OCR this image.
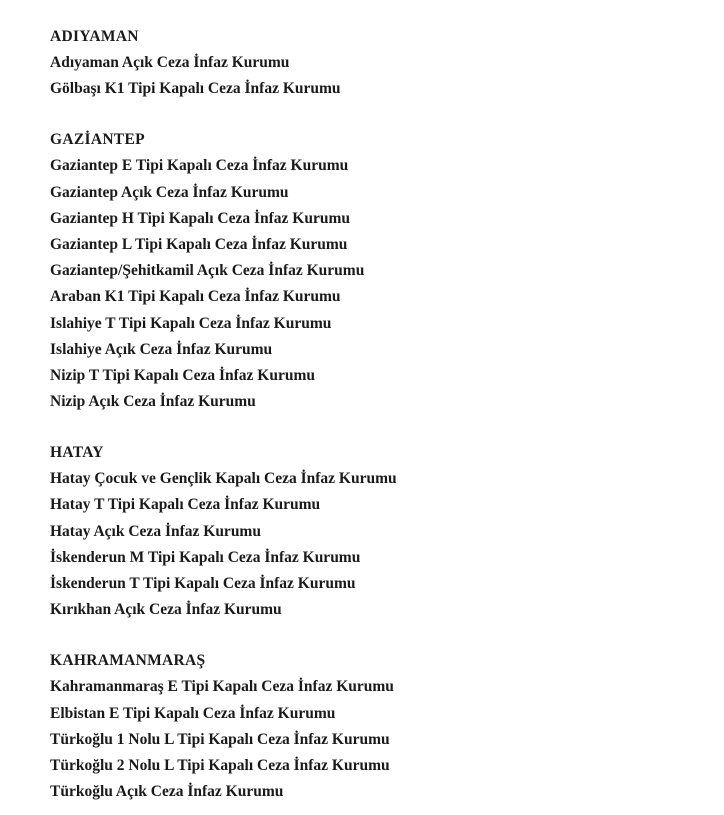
ADIYAMAN
Adıyaman Açık Ceza İnfaz Kurumu
Gölbaşı K1 Tipi Kapalı Ceza İnfaz Kurumu
GAZİANTEP
Gaziantep E Tipi Kapalı Ceza İnfaz Kurumu
Gaziantep Açık Ceza İnfaz Kurumu
Gaziantep H Tipi Kapalı Ceza İnfaz Kurumu
Gaziantep L Tipi Kapalı Ceza İnfaz Kurumu
Gaziantep/Şehitkamil Açık Ceza İnfaz Kurumu
Araban K1 Tipi Kapalı Ceza İnfaz Kurumu
Islahiye T Tipi Kapalı Ceza İnfaz Kurumu
Islahiye Açık Ceza İnfaz Kurumu
Nizip T Tipi Kapalı Ceza İnfaz Kurumu
Nizip Açık Ceza İnfaz Kurumu
HATAY
Hatay Çocuk ve Gençlik Kapalı Ceza İnfaz Kurumu
Hatay T Tipi Kapalı Ceza İnfaz Kurumu
Hatay Açık Ceza İnfaz Kurumu
İskenderun M Tipi Kapalı Ceza İnfaz Kurumu
İskenderun T Tipi Kapalı Ceza İnfaz Kurumu
Kırıkhan Açık Ceza İnfaz Kurumu
KAHRAMANMARAŞ
Kahramanmaraş E Tipi Kapalı Ceza İnfaz Kurumu
Elbistan E Tipi Kapalı Ceza İnfaz Kurumu
Türkoğlu 1 Nolu L Tipi Kapalı Ceza İnfaz Kurumu
Türkoğlu 2 Nolu L Tipi Kapalı Ceza İnfaz Kurumu
Türkoğlu Açık Ceza İnfaz Kurumu
